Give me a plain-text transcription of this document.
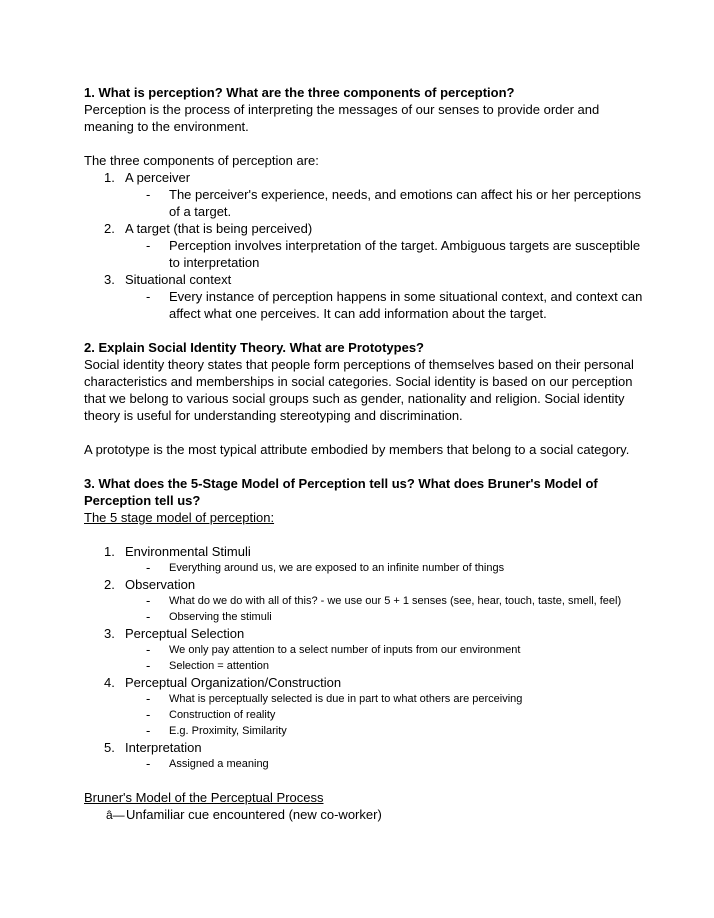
1. What is perception? What are the three components of perception?

Perception is the process of interpreting the messages of our senses to provide order and meaning to the environment.

The three components of perception are:

1. A perceiver
- The perceiver's experience, needs, and emotions can affect his or her perceptions of a target.
2. A target (that is being perceived)
- Perception involves interpretation of the target. Ambiguous targets are susceptible to interpretation
3. Situational context
- Every instance of perception happens in some situational context, and context can affect what one perceives. It can add information about the target.

2. Explain Social Identity Theory. What are Prototypes?

Social identity theory states that people form perceptions of themselves based on their personal characteristics and memberships in social categories. Social identity is based on our perception that we belong to various social groups such as gender, nationality and religion. Social identity theory is useful for understanding stereotyping and discrimination.

A prototype is the most typical attribute embodied by members that belong to a social category.

3. What does the 5-Stage Model of Perception tell us? What does Bruner's Model of Perception tell us?

The 5 stage model of perception:

1. Environmental Stimuli
- Everything around us, we are exposed to an infinite number of things
2. Observation
- What do we do with all of this? - we use our 5 + 1 senses (see, hear, touch, taste, smell, feel)
- Observing the stimuli
3. Perceptual Selection
- We only pay attention to a select number of inputs from our environment
- Selection = attention
4. Perceptual Organization/Construction
- What is perceptually selected is due in part to what others are perceiving
- Construction of reality
- E.g. Proximity, Similarity
5. Interpretation
- Assigned a meaning

Bruner's Model of the Perceptual Process

â—Unfamiliar cue encountered (new co-worker)
